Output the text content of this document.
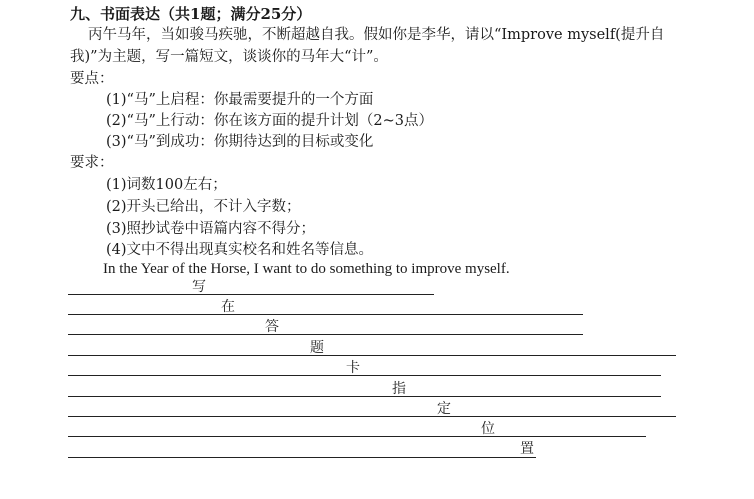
九、书面表达（共1题；满分25分）
丙午马年，当如骏马疾驰，不断超越自我。假如你是李华，请以“Improve myself(提升自
我)”为主题，写一篇短文，谈谈你的马年大“计”。
要点：
(1)“马”上启程：你最需要提升的一个方面
(2)“马”上行动：你在该方面的提升计划（2~3点）
(3)“马”到成功：你期待达到的目标或变化
要求：
(1)词数100左右；
(2)开头已给出，不计入字数；
(3)照抄试卷中语篇内容不得分；
(4)文中不得出现真实校名和姓名等信息。
In the Year of the Horse, I want to do something to improve myself.
写
在
答
题
卡
指
定
位
置
